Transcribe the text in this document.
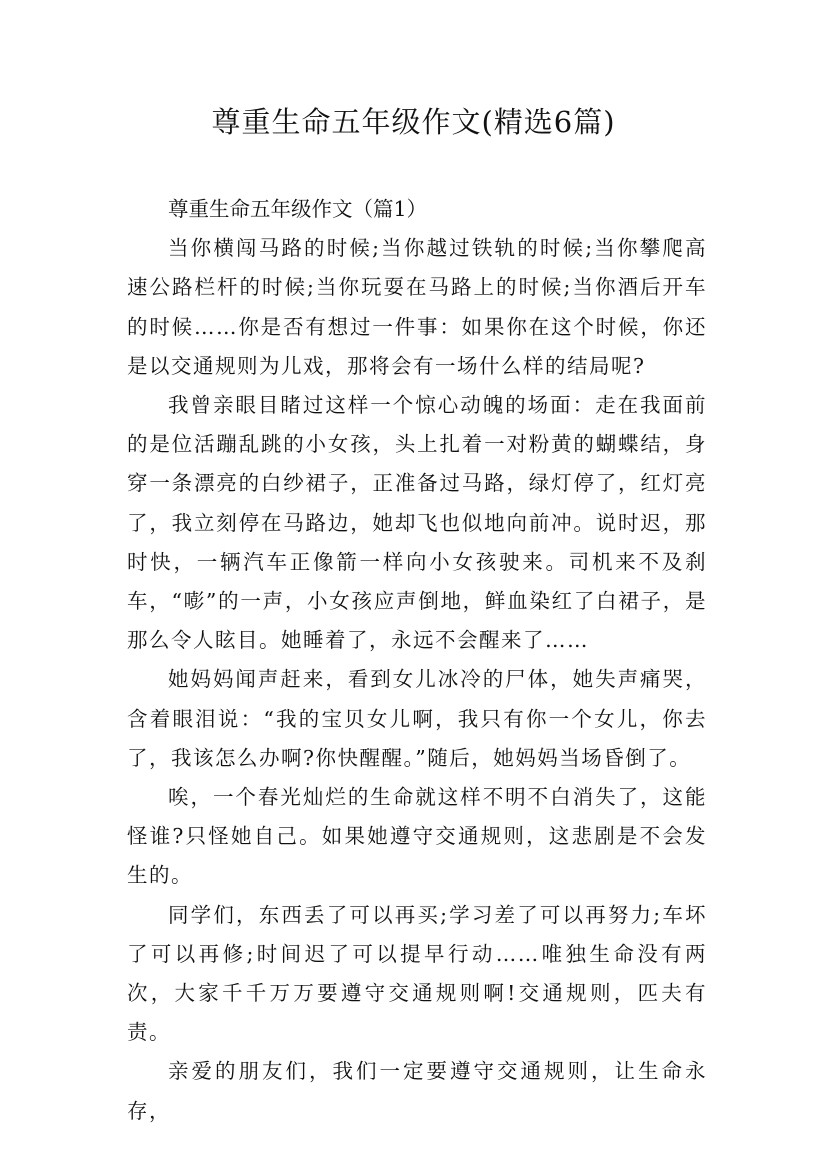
尊重生命五年级作文(精选6篇)
尊重生命五年级作文（篇1）

当你横闯马路的时候;当你越过铁轨的时候;当你攀爬高速公路栏杆的时候;当你玩耍在马路上的时候;当你酒后开车的时候……你是否有想过一件事：如果你在这个时候，你还是以交通规则为儿戏，那将会有一场什么样的结局呢?

我曾亲眼目睹过这样一个惊心动魄的场面：走在我面前的是位活蹦乱跳的小女孩，头上扎着一对粉黄的蝴蝶结，身穿一条漂亮的白纱裙子，正准备过马路，绿灯停了，红灯亮了，我立刻停在马路边，她却飞也似地向前冲。说时迟，那时快，一辆汽车正像箭一样向小女孩驶来。司机来不及刹车，“嘭”的一声，小女孩应声倒地，鲜血染红了白裙子，是那么令人眩目。她睡着了，永远不会醒来了……

她妈妈闻声赶来，看到女儿冰冷的尸体，她失声痛哭，含着眼泪说：“我的宝贝女儿啊，我只有你一个女儿，你去了，我该怎么办啊?你快醒醒。”随后，她妈妈当场昏倒了。

唉，一个春光灿烂的生命就这样不明不白消失了，这能怪谁?只怪她自己。如果她遵守交通规则，这悲剧是不会发生的。

同学们，东西丢了可以再买;学习差了可以再努力;车坏了可以再修;时间迟了可以提早行动……唯独生命没有两次，大家千千万万要遵守交通规则啊!交通规则，匹夫有责。

亲爱的朋友们，我们一定要遵守交通规则，让生命永存，
